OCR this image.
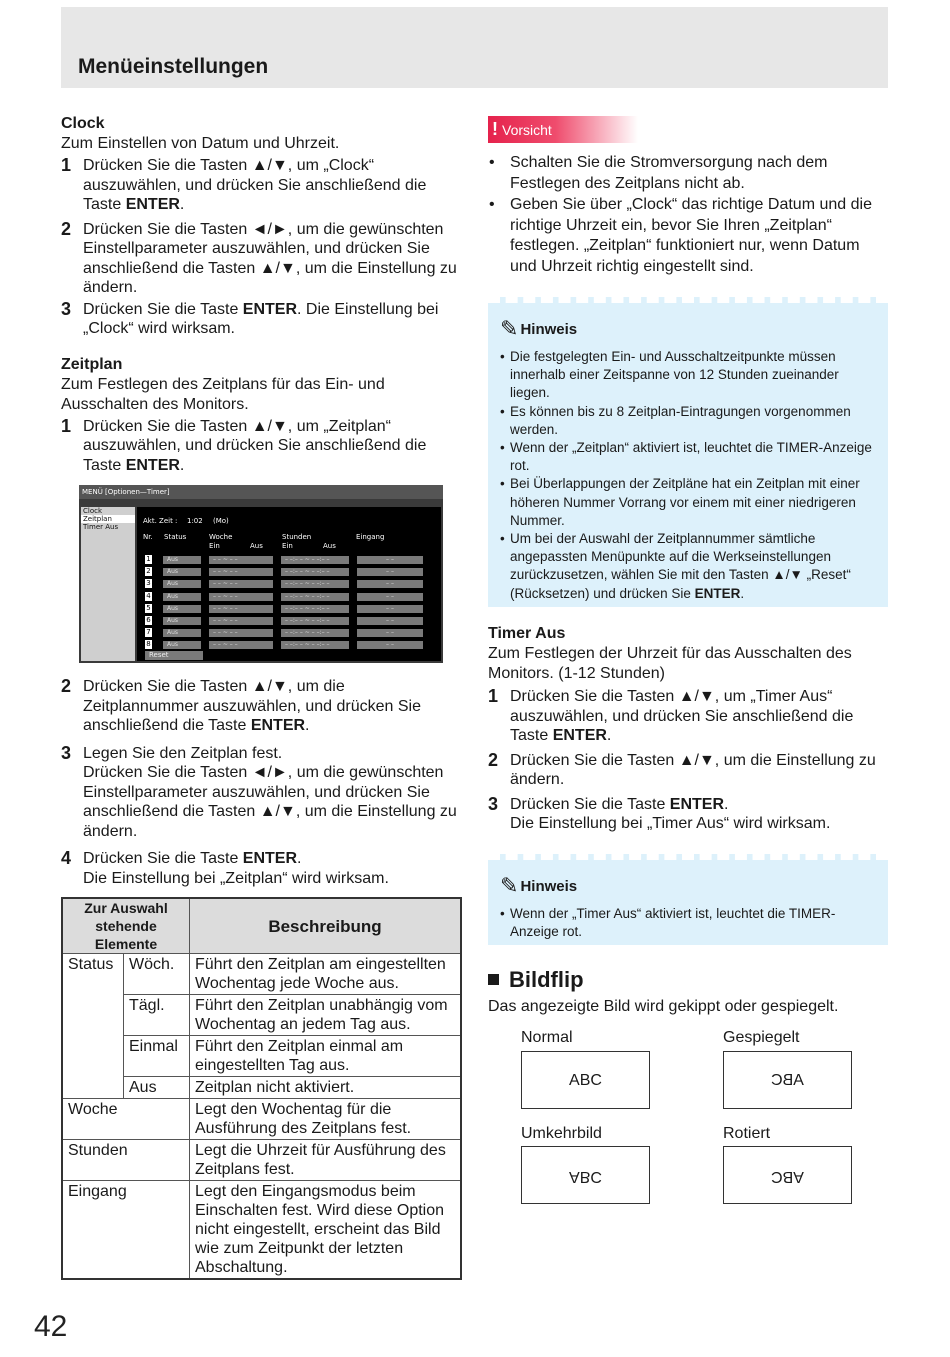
Menüeinstellungen
Clock

Zum Einstellen von Datum und Uhrzeit.

1 Drücken Sie die Tasten ▲/▼, um „Clock“ auszuwählen, und drücken Sie anschließend die Taste ENTER.
2 Drücken Sie die Tasten ◄/►, um die gewünschten Einstellparameter auszuwählen, und drücken Sie anschließend die Tasten ▲/▼, um die Einstellung zu ändern.
3 Drücken Sie die Taste ENTER. Die Einstellung bei „Clock“ wird wirksam.
Zeitplan

Zum Festlegen des Zeitplans für das Ein- und Ausschalten des Monitors.

1 Drücken Sie die Tasten ▲/▼, um „Zeitplan“ auszuwählen, und drücken Sie anschließend die Taste ENTER.
MENÜ [Optionen—Timer]
Clock
Zeitplan
Timer Aus
Akt. Zeit : 1:02 (Mo)
Nr. Status	Woche	Stunden	Eingang
Ein	Aus	Ein	Aus
1	Aus	– – ~ – –	– –:– – ~ – –:– –	– –
2	Aus	– – ~ – –	– –:– – ~ – –:– –	– –
3	Aus	– – ~ – –	– –:– – ~ – –:– –	– –
4	Aus	– – ~ – –	– –:– – ~ – –:– –	– –
5	Aus	– – ~ – –	– –:– – ~ – –:– –	– –
6	Aus	– – ~ – –	– –:– – ~ – –:– –	– –
7	Aus	– – ~ – –	– –:– – ~ – –:– –	– –
8	Aus	– – ~ – –	– –:– – ~ – –:– –	– –
Reset
2 Drücken Sie die Tasten ▲/▼, um die Zeitplannummer auszuwählen, und drücken Sie anschließend die Taste ENTER.
3 Legen Sie den Zeitplan fest.
Drücken Sie die Tasten ◄/►, um die gewünschten Einstellparameter auszuwählen, und drücken Sie anschließend die Tasten ▲/▼, um die Einstellung zu ändern.
4 Drücken Sie die Taste ENTER.
Die Einstellung bei „Zeitplan“ wird wirksam.
Zur Auswahl stehende Elemente		Beschreibung
Status	Wöch.	Führt den Zeitplan am eingestellten Wochentag jede Woche aus.
	Tägl.	Führt den Zeitplan unabhängig vom Wochentag an jedem Tag aus.
	Einmal	Führt den Zeitplan einmal am eingestellten Tag aus.
	Aus	Zeitplan nicht aktiviert.
Woche		Legt den Wochentag für die Ausführung des Zeitplans fest.
Stunden		Legt die Uhrzeit für Ausführung des Zeitplans fest.
Eingang		Legt den Eingangsmodus beim Einschalten fest. Wird diese Option nicht eingestellt, erscheint das Bild wie zum Zeitpunkt der letzten Abschaltung.
! Vorsicht
• Schalten Sie die Stromversorgung nach dem Festlegen des Zeitplans nicht ab.
• Geben Sie über „Clock“ das richtige Datum und die richtige Uhrzeit ein, bevor Sie Ihren „Zeitplan“ festlegen. „Zeitplan“ funktioniert nur, wenn Datum und Uhrzeit richtig eingestellt sind.
✎ Hinweis
• Die festgelegten Ein- und Ausschaltzeitpunkte müssen innerhalb einer Zeitspanne von 12 Stunden zueinander liegen.
• Es können bis zu 8 Zeitplan-Eintragungen vorgenommen werden.
• Wenn der „Zeitplan“ aktiviert ist, leuchtet die TIMER-Anzeige rot.
• Bei Überlappungen der Zeitpläne hat ein Zeitplan mit einer höheren Nummer Vorrang vor einem mit einer niedrigeren Nummer.
• Um bei der Auswahl der Zeitplannummer sämtliche angepassten Menüpunkte auf die Werkseinstellungen zurückzusetzen, wählen Sie mit den Tasten ▲/▼ „Reset“ (Rücksetzen) und drücken Sie ENTER.
Timer Aus

Zum Festlegen der Uhrzeit für das Ausschalten des Monitors. (1-12 Stunden)

1 Drücken Sie die Tasten ▲/▼, um „Timer Aus“ auszuwählen, und drücken Sie anschließend die Taste ENTER.
2 Drücken Sie die Tasten ▲/▼, um die Einstellung zu ändern.
3 Drücken Sie die Taste ENTER.
Die Einstellung bei „Timer Aus“ wird wirksam.
✎ Hinweis
• Wenn der „Timer Aus“ aktiviert ist, leuchtet die TIMER-Anzeige rot.
Bildflip

Das angezeigte Bild wird gekippt oder gespiegelt.

Normal	Gespiegelt
ABC	ABC
Umkehrbild	Rotiert
ABC	ABC
42
